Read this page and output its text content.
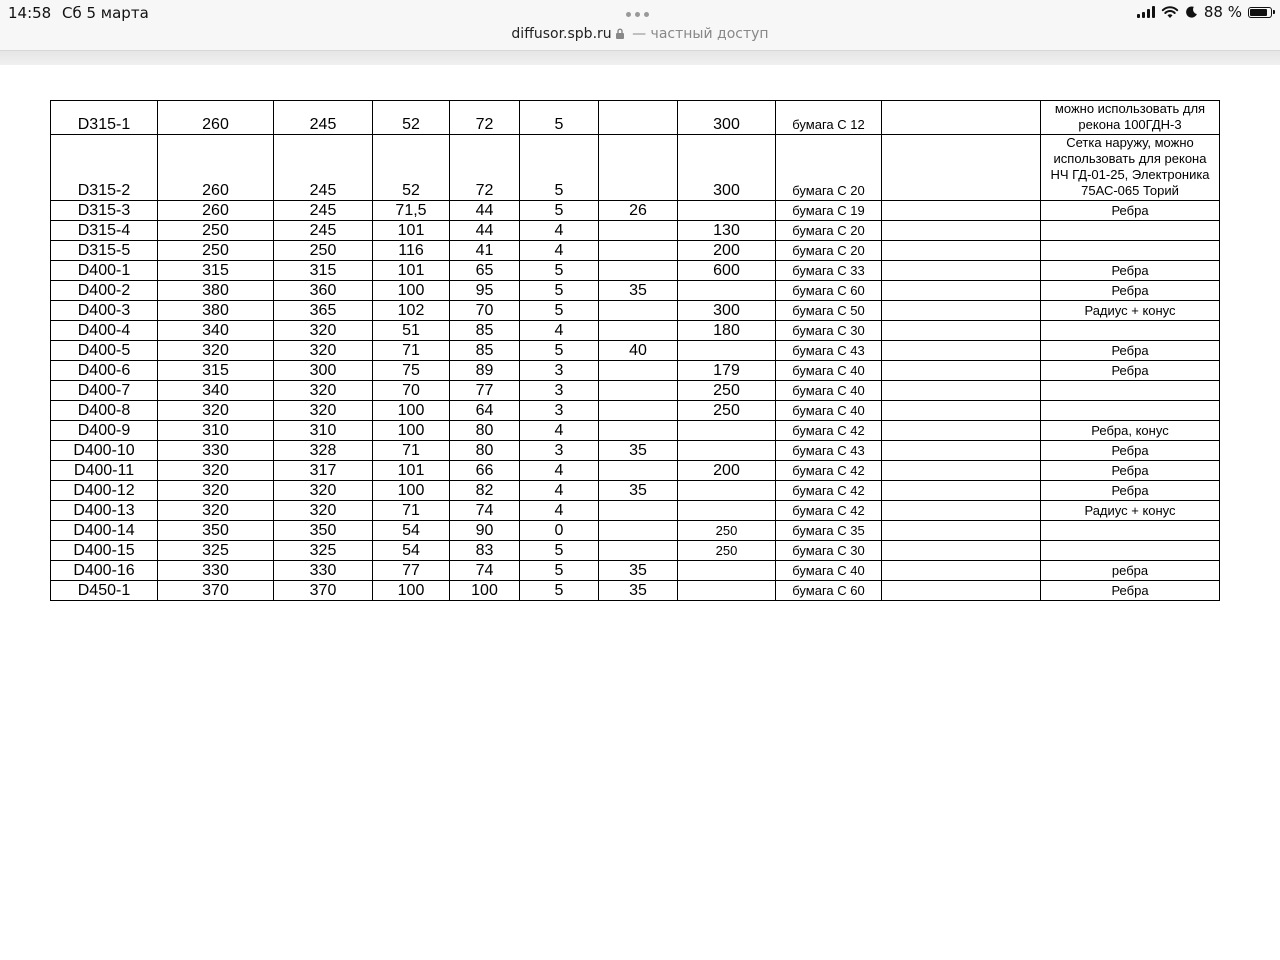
14:58 Сб 5 марта	88 %
diffusor.spb.ru — частный доступ
D315-1	260	245	52	72	5		300	бумага С 12		можно использовать для рекона 100ГДН-3
D315-2	260	245	52	72	5		300	бумага С 20		Сетка наружу, можно использовать для рекона НЧ ГД-01-25, Электроника 75АС-065 Торий
D315-3	260	245	71,5	44	5	26		бумага С 19		Ребра
D315-4	250	245	101	44	4		130	бумага С 20		
D315-5	250	250	116	41	4		200	бумага С 20		
D400-1	315	315	101	65	5		600	бумага С 33		Ребра
D400-2	380	360	100	95	5	35		бумага С 60		Ребра
D400-3	380	365	102	70	5		300	бумага С 50		Радиус + конус
D400-4	340	320	51	85	4		180	бумага С 30		
D400-5	320	320	71	85	5	40		бумага С 43		Ребра
D400-6	315	300	75	89	3		179	бумага С 40		Ребра
D400-7	340	320	70	77	3		250	бумага С 40		
D400-8	320	320	100	64	3		250	бумага С 40		
D400-9	310	310	100	80	4			бумага С 42		Ребра, конус
D400-10	330	328	71	80	3	35		бумага С 43		Ребра
D400-11	320	317	101	66	4		200	бумага С 42		Ребра
D400-12	320	320	100	82	4	35		бумага С 42		Ребра
D400-13	320	320	71	74	4			бумага С 42		Радиус + конус
D400-14	350	350	54	90	0		250	бумага С 35		
D400-15	325	325	54	83	5		250	бумага С 30		
D400-16	330	330	77	74	5	35		бумага С 40		ребра
D450-1	370	370	100	100	5	35		бумага С 60		Ребра
